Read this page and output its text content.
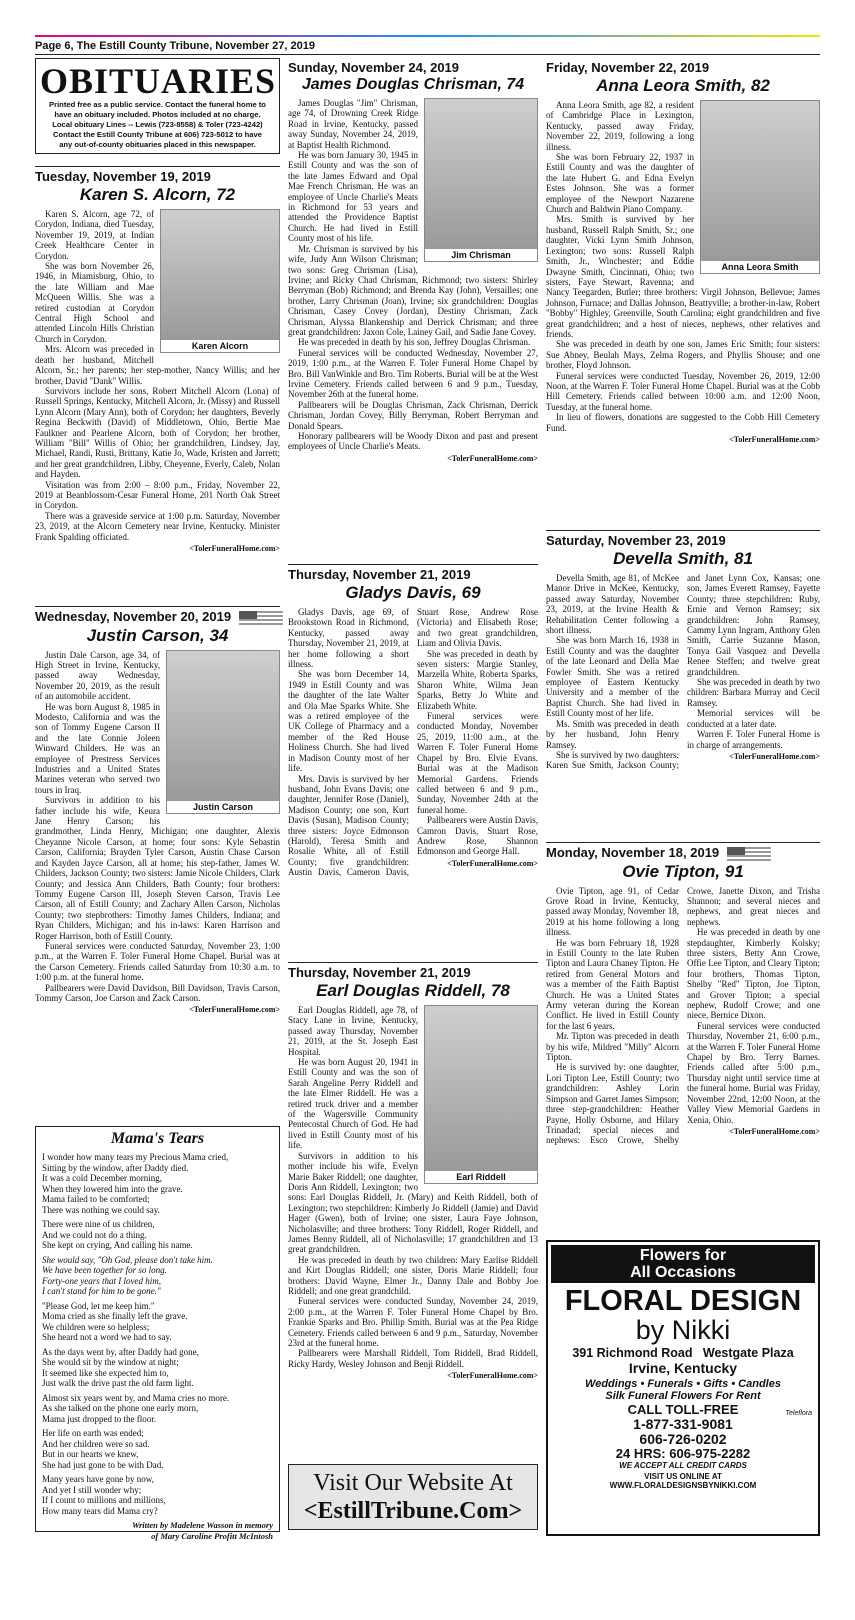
Page 6, The Estill County Tribune, November 27, 2019
OBITUARIES
Printed free as a public service. Contact the funeral home to
have an obituary included. Photos included at no charge.
Local obituary Lines -- Lewis (723-8558) & Toler (723-4242)
Contact the Estill County Tribune at 606) 723-5012 to have
any out-of-county obituaries placed in this newspaper.
Tuesday, November 19, 2019
Karen S. Alcorn, 72
Karen Alcorn

Karen S. Alcorn, age 72, of Corydon, Indiana, died Tuesday, November 19, 2019, at Indian Creek Healthcare Center in Corydon.

She was born November 26, 1946, in Miamisburg, Ohio, to the late William and Mae McQueen Willis. She was a retired custodian at Corydon Central High School and attended Lincoln Hills Christian Church in Corydon.

Mrs. Alcorn was preceded in death her husband, Mitchell Alcorn, Sr.; her parents; her step-mother, Nancy Willis; and her brother, David "Dank" Willis.

Survivors include her sons, Robert Mitchell Alcorn (Lona) of Russell Springs, Kentucky, Mitchell Alcorn, Jr. (Missy) and Russell Lynn Alcorn (Mary Ann), both of Corydon; her daughters, Beverly Regina Beckwith (David) of Middletown, Ohio, Bertie Mae Faulkner and Pearlene Alcorn, both of Corydon; her brother, William "Bill" Willis of Ohio; her grandchildren, Lindsey, Jay, Michael, Randi, Rusti, Brittany, Katie Jo, Wade, Kristen and Jarrett; and her great grandchildren, Libby, Cheyenne, Everly, Caleb, Nolan and Hayden.

Visitation was from 2:00 – 8:00 p.m., Friday, November 22, 2019 at Beanblossom-Cesar Funeral Home, 201 North Oak Street in Corydon.

There was a graveside service at 1:00 p.m. Saturday, November 23, 2019, at the Alcorn Cemetery near Irvine, Kentucky. Minister Frank Spalding officiated.

<TolerFuneralHome.com>
Wednesday, November 20, 2019
Justin Carson, 34
Justin Carson

Justin Dale Carson, age 34, of High Street in Irvine, Kentucky, passed away Wednesday, November 20, 2019, as the result of an automobile accident.

He was born August 8, 1985 in Modesto, California and was the son of Tommy Eugene Carson II and the late Connie Joleen Winward Childers. He was an employee of Prestress Services Industries and a United States Marines veteran who served two tours in Iraq.

Survivors in addition to his father include his wife, Keura Jane Henry Carson; his grandmother, Linda Henry, Michigan; one daughter, Alexis Cheyanne Nicole Carson, at home; four sons: Kyle Sebastin Carson, California; Brayden Tyler Carson, Austin Chase Carson and Kayden Jayce Carson, all at home; his step-father, James W. Childers, Jackson County; two sisters: Jamie Nicole Childers, Clark County; and Jessica Ann Childers, Bath County; four brothers: Tommy Eugene Carson III, Joseph Steven Carson, Travis Lee Carson, all of Estill County; and Zachary Allen Carson, Nicholas County; two stepbrothers: Timothy James Childers, Indiana; and Ryan Childers, Michigan; and his in-laws: Karen Harrison and Roger Harrison, both of Estill County.

Funeral services were conducted Saturday, November 23, 1:00 p.m., at the Warren F. Toler Funeral Home Chapel. Burial was at the Carson Cemetery. Friends called Saturday from 10:30 a.m. to 1:00 p.m. at the funeral home.

Pallbearers were David Davidson, Bill Davidson, Travis Carson, Tommy Carson, Joe Carson and Zack Carson.

<TolerFuneralHome.com>
Mama's Tears

I wonder how many tears my Precious Mama cried,
Sitting by the window, after Daddy died.
It was a cold December morning,
When they lowered him into the grave.
Mama failed to be comforted;
There was nothing we could say.

There were nine of us children,
And we could not do a thing.
She kept on crying, And calling his name.

She would say, "Oh God, please don't take him.
We have been together for so long.
Forty-one years that I loved him,
I can't stand for him to be gone."

"Please God, let me keep him."
Moma cried as she finally left the grave.
We children were so helpless;
She heard not a word we had to say.

As the days went by, after Daddy had gone,
She would sit by the window at night;
It seemed like she expected him to,
Just walk the drive past the old farm light.

Almost six years went by, and Mama cries no more.
As she talked on the phone one early morn,
Mama just dropped to the floor.

Her life on earth was ended;
And her children were so sad.
But in our hearts we knew,
She had just gone to be with Dad.

Many years have gone by now,
And yet I still wonder why;
If I count to millions and millions,
How many tears did Mama cry?

Written by Madelene Wasson in memory
of Mary Caroline Profitt McIntosh
Sunday, November 24, 2019
James Douglas Chrisman, 74
Jim Chrisman

James Douglas "Jim" Chrisman, age 74, of Drowning Creek Ridge Road in Irvine, Kentucky, passed away Sunday, November 24, 2019, at Baptist Health Richmond.

He was born January 30, 1945 in Estill County and was the son of the late James Edward and Opal Mae French Chrisman. He was an employee of Uncle Charlie's Meats in Richmond for 53 years and attended the Providence Baptist Church. He had lived in Estill County most of his life.

Mr. Chrisman is survived by his wife, Judy Ann Wilson Chrisman; two sons: Greg Chrisman (Lisa), Irvine; and Ricky Chad Chrisman, Richmond; two sisters: Shirley Berryman (Bob) Richmond; and Brenda Kay (John), Versailles; one brother, Larry Chrisman (Joan), Irvine; six grandchildren: Douglas Chrisman, Casey Covey (Jordan), Destiny Chrisman, Zack Chrisman, Alyssa Blankenship and Derrick Chrisman; and three great grandchildren: Jaxon Cole, Lainey Gail, and Sadie Jane Covey.

He was preceded in death by his son, Jeffrey Douglas Chrisman.

Funeral services will be conducted Wednesday, November 27, 2019, 1:00 p.m., at the Warren F. Toler Funeral Home Chapel by Bro. Bill VanWinkle and Bro. Tim Roberts. Burial will be at the West Irvine Cemetery. Friends called between 6 and 9 p.m., Tuesday, November 26th at the funeral home.

Pallbearers will be Douglas Chrisman, Zack Chrisman, Derrick Chrisman, Jordan Covey, Billy Berryman, Robert Berryman and Donald Spears.

Honorary pallbearers will be Woody Dixon and past and present employees of Uncle Charlie's Meats.

<TolerFuneralHome.com>
Thursday, November 21, 2019
Gladys Davis, 69

Gladys Davis, age 69, of Brookstown Road in Richmond, Kentucky, passed away Thursday, November 21, 2019, at her home following a short illness.

She was born December 14, 1949 in Estill County and was the daughter of the late Walter and Ola Mae Sparks White. She was a retired employee of the UK College of Pharmacy and a member of the Red House Holiness Church. She had lived in Madison County most of her life.

Mrs. Davis is survived by her husband, John Evans Davis; one daughter, Jennifer Rose (Daniel), Madison County; one son, Kurt Davis (Susan), Madison County; three sisters: Joyce Edmonson (Harold), Teresa Smith and Rosalie White, all of Estill County; five grandchildren: Austin Davis, Cameron Davis, Stuart Rose, Andrew Rose (Victoria) and Elisabeth Rose; and two great grandchildren, Liam and Olivia Davis.

She was preceded in death by seven sisters: Margie Stanley, Marzella White, Roberta Sparks, Sharon White, Wilma Jean Sparks, Betty Jo White and Elizabeth White.

Funeral services were conducted Monday, November 25, 2019, 11:00 a.m., at the Warren F. Toler Funeral Home Chapel by Bro. Elvie Evans. Burial was at the Madison Memorial Gardens. Friends called between 6 and 9 p.m., Sunday, November 24th at the funeral home.

Pallbearers were Austin Davis, Camron Davis, Stuart Rose, Andrew Rose, Shannon Edmonson and George Hall.

<TolerFuneralHome.com>
Thursday, November 21, 2019
Earl Douglas Riddell, 78
Earl Riddell

Earl Douglas Riddell, age 78, of Stacy Lane in Irvine, Kentucky, passed away Thursday, November 21, 2019, at the St. Joseph East Hospital.

He was born August 20, 1941 in Estill County and was the son of Sarah Angeline Perry Riddell and the late Elmer Riddell. He was a retired truck driver and a member of the Wagersville Community Pentecostal Church of God. He had lived in Estill County most of his life.

Survivors in addition to his mother include his wife, Evelyn Marie Baker Riddell; one daughter, Doris Ann Riddell, Lexington; two sons: Earl Douglas Riddell, Jr. (Mary) and Keith Riddell, both of Lexington; two stepchildren: Kimberly Jo Riddell (Jamie) and David Hager (Gwen), both of Irvine; one sister, Laura Faye Johnson, Nicholasville; and three brothers: Tony Riddell, Roger Riddell, and James Benny Riddell, all of Nicholasville; 17 grandchildren and 13 great grandchildren.

He was preceded in death by two children: Mary Earlise Riddell and Kirt Douglas Riddell; one sister, Doris Marie Riddell; four brothers: David Wayne, Elmer Jr., Danny Dale and Bobby Joe Riddell; and one great grandchild.

Funeral services were conducted Sunday, November 24, 2019, 2:00 p.m., at the Warren F. Toler Funeral Home Chapel by Bro. Frankie Sparks and Bro. Phillip Smith. Burial was at the Pea Ridge Cemetery. Friends called between 6 and 9 p.m., Saturday, November 23rd at the funeral home.

Pallbearers were Marshall Riddell, Tom Riddell, Brad Riddell, Ricky Hardy, Wesley Johnson and Benji Riddell.

<TolerFuneralHome.com>
Visit Our Website At
<EstillTribune.Com>
Friday, November 22, 2019
Anna Leora Smith, 82
Anna Leora Smith

Anna Leora Smith, age 82, a resident of Cambridge Place in Lexington, Kentucky, passed away Friday, November 22, 2019, following a long illness.

She was born February 22, 1937 in Estill County and was the daughter of the late Hubert G. and Edna Evelyn Estes Johnson. She was a former employee of the Newport Nazarene Church and Baldwin Piano Company.

Mrs. Smith is survived by her husband, Russell Ralph Smith, Sr.; one daughter, Vicki Lynn Smith Johnson, Lexington; two sons: Russell Ralph Smith, Jr., Winchester; and Eddie Dwayne Smith, Cincinnati, Ohio; two sisters, Faye Stewart, Ravenna; and Nancy Teegarden, Butler; three brothers: Virgil Johnson, Bellevue; James Johnson, Furnace; and Dallas Johnson, Beattyville; a brother-in-law, Robert "Bobby" Highley, Greenville, South Carolina; eight grandchildren and five great grandchildren; and a host of nieces, nephews, other relatives and friends.

She was preceded in death by one son, James Eric Smith; four sisters: Sue Abney, Beulah Mays, Zelma Rogers, and Phyllis Shouse; and one brother, Floyd Johnson.

Funeral services were conducted Tuesday, November 26, 2019, 12:00 Noon, at the Warren F. Toler Funeral Home Chapel. Burial was at the Cobb Hill Cemetery. Friends called between 10:00 a.m. and 12:00 Noon, Tuesday, at the funeral home.

In lieu of flowers, donations are suggested to the Cobb Hill Cemetery Fund.

<TolerFuneralHome.com>
Saturday, November 23, 2019
Devella Smith, 81

Devella Smith, age 81, of McKee Manor Drive in McKee, Kentucky, passed away Saturday, November 23, 2019, at the Irvine Health & Rehabilitation Center following a short illness.

She was born March 16, 1938 in Estill County and was the daughter of the late Leonard and Della Mae Fowler Smith. She was a retired employee of Eastern Kentucky University and a member of the Baptist Church. She had lived in Estill County most of her life.

Ms. Smith was preceded in death by her husband, John Henry Ramsey.

She is survived by two daughters: Karen Sue Smith, Jackson County; and Janet Lynn Cox, Kansas; one son, James Everett Ramsey, Fayette County; three stepchildren: Ruby, Ernie and Vernon Ramsey; six grandchildren: John Ramsey, Cammy Lynn Ingram, Anthony Glen Smith, Carrie Suzanne Mason, Tonya Gail Vasquez and Devella Renee Steffen; and twelve great grandchildren.

She was preceded in death by two children: Barbara Murray and Cecil Ramsey.

Memorial services will be conducted at a later date.

Warren F. Toler Funeral Home is in charge of arrangements.

<TolerFuneralHome.com>
Monday, November 18, 2019
Ovie Tipton, 91

Ovie Tipton, age 91, of Cedar Grove Road in Irvine, Kentucky, passed away Monday, November 18, 2019 at his home following a long illness.

He was born February 18, 1928 in Estill County to the late Ruben Tipton and Laura Chaney Tipton. He retired from General Motors and was a member of the Faith Baptist Church. He was a United States Army veteran during the Korean Conflict. He lived in Estill County for the last 6 years.

Mr. Tipton was preceded in death by his wife, Mildred "Milly" Alcorn Tipton.

He is survived by: one daughter, Lori Tipton Lee, Estill County; two grandchildren: Ashley Lorin Simpson and Garret James Simpson; three step-grandchildren: Heather Payne, Holly Osborne, and Hilary Trinadad; special nieces and nephews: Esco Crowe, Shelby Crowe, Janette Dixon, and Trisha Shannon; and several nieces and nephews, and great nieces and nephews.

He was preceded in death by one stepdaughter, Kimberly Kolsky; three sisters, Betty Ann Crowe, Offie Lee Tipton, and Cleary Tipton; four brothers, Thomas Tipton, Shelby "Red" Tipton, Joe Tipton, and Grover Tipton; a special nephew, Rudolf Crowe; and one niece, Bernice Dixon.

Funeral services were conducted Thursday, November 21, 6:00 p.m., at the Warren F. Toler Funeral Home Chapel by Bro. Terry Barnes. Friends called after 5:00 p.m., Thursday night until service time at the funeral home. Burial was Friday, November 22nd, 12:00 Noon, at the Valley View Memorial Gardens in Xenia, Ohio.

<TolerFuneralHome.com>
Flowers for
All Occasions
FLORAL DESIGN
by Nikki
391 Richmond Road Westgate Plaza
Irvine, Kentucky
Weddings • Funerals • Gifts • Candles
Silk Funeral Flowers For Rent
CALL TOLL-FREE
1-877-331-9081
606-726-0202
Teleflora
24 HRS: 606-975-2282
WE ACCEPT ALL CREDIT CARDS
VISIT US ONLINE AT
WWW.FLORALDESIGNSBYNIKKI.COM
